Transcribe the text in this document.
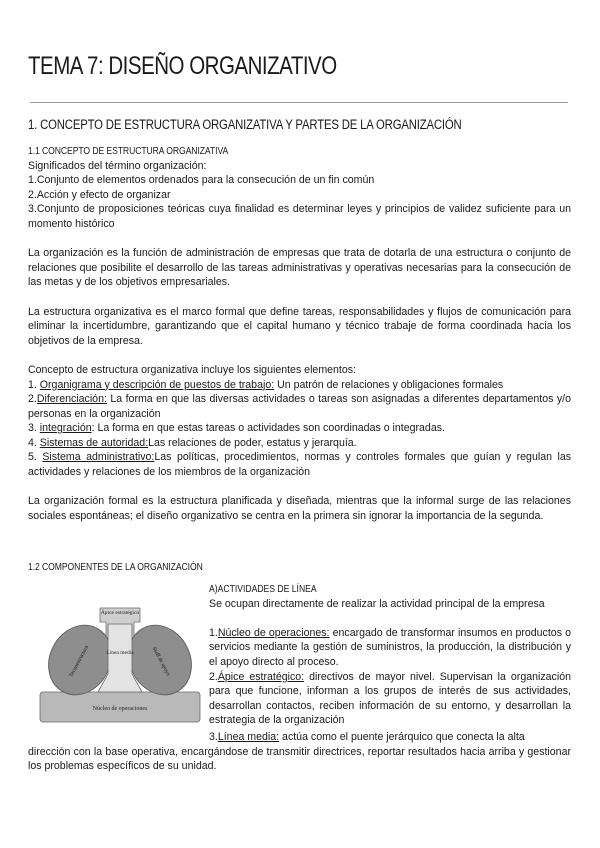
TEMA 7: DISEÑO ORGANIZATIVO
1. CONCEPTO DE ESTRUCTURA ORGANIZATIVA Y PARTES DE LA ORGANIZACIÓN
1.1 CONCEPTO DE ESTRUCTURA ORGANIZATIVA

Significados del término organización:

1.Conjunto de elementos ordenados para la consecución de un fin común

2.Acción y efecto de organizar

3.Conjunto de proposiciones teóricas cuya finalidad es determinar leyes y principios de validez suficiente para un momento histórico

La organización es la función de administración de empresas que trata de dotarla de una estructura o conjunto de relaciones que posibilite el desarrollo de las tareas administrativas y operativas necesarias para la consecución de las metas y de los objetivos empresariales.

La estructura organizativa es el marco formal que define tareas, responsabilidades y flujos de comunicación para eliminar la incertidumbre, garantizando que el capital humano y técnico trabaje de forma coordinada hacia los objetivos de la empresa.

Concepto de estructura organizativa incluye los siguientes elementos:

1. Organigrama y descripción de puestos de trabajo: Un patrón de relaciones y obligaciones formales

2.Diferenciación: La forma en que las diversas actividades o tareas son asignadas a diferentes departamentos y/o personas en la organización

3. integración: La forma en que estas tareas o actividades son coordinadas o integradas.

4. Sistemas de autoridad:Las relaciones de poder, estatus y jerarquía.

5. Sistema administrativo:Las políticas, procedimientos, normas y controles formales que guían y regulan las actividades y relaciones de los miembros de la organización

La organización formal es la estructura planificada y diseñada, mientras que la informal surge de las relaciones sociales espontáneas; el diseño organizativo se centra en la primera sin ignorar la importancia de la segunda.

1.2 COMPONENTES DE LA ORGANIZACIÓN
Ápice estratégico
Línea media
Tecnoestructura	Staff de apoyo
Núcleo de operaciones
A)ACTIVIDADES DE LÍNEA

Se ocupan directamente de realizar la actividad principal de la empresa

1.Núcleo de operaciones: encargado de transformar insumos en productos o servicios mediante la gestión de suministros, la producción, la distribución y el apoyo directo al proceso.

2.Ápice estratégico: directivos de mayor nivel. Supervisan la organización para que funcione, informan a los grupos de interés de sus actividades, desarrollan contactos, reciben información de su entorno, y desarrollan la estrategia de la organización

3.Línea media: actúa como el puente jerárquico que conecta la alta

dirección con la base operativa, encargándose de transmitir directrices, reportar resultados hacia arriba y gestionar los problemas específicos de su unidad.
